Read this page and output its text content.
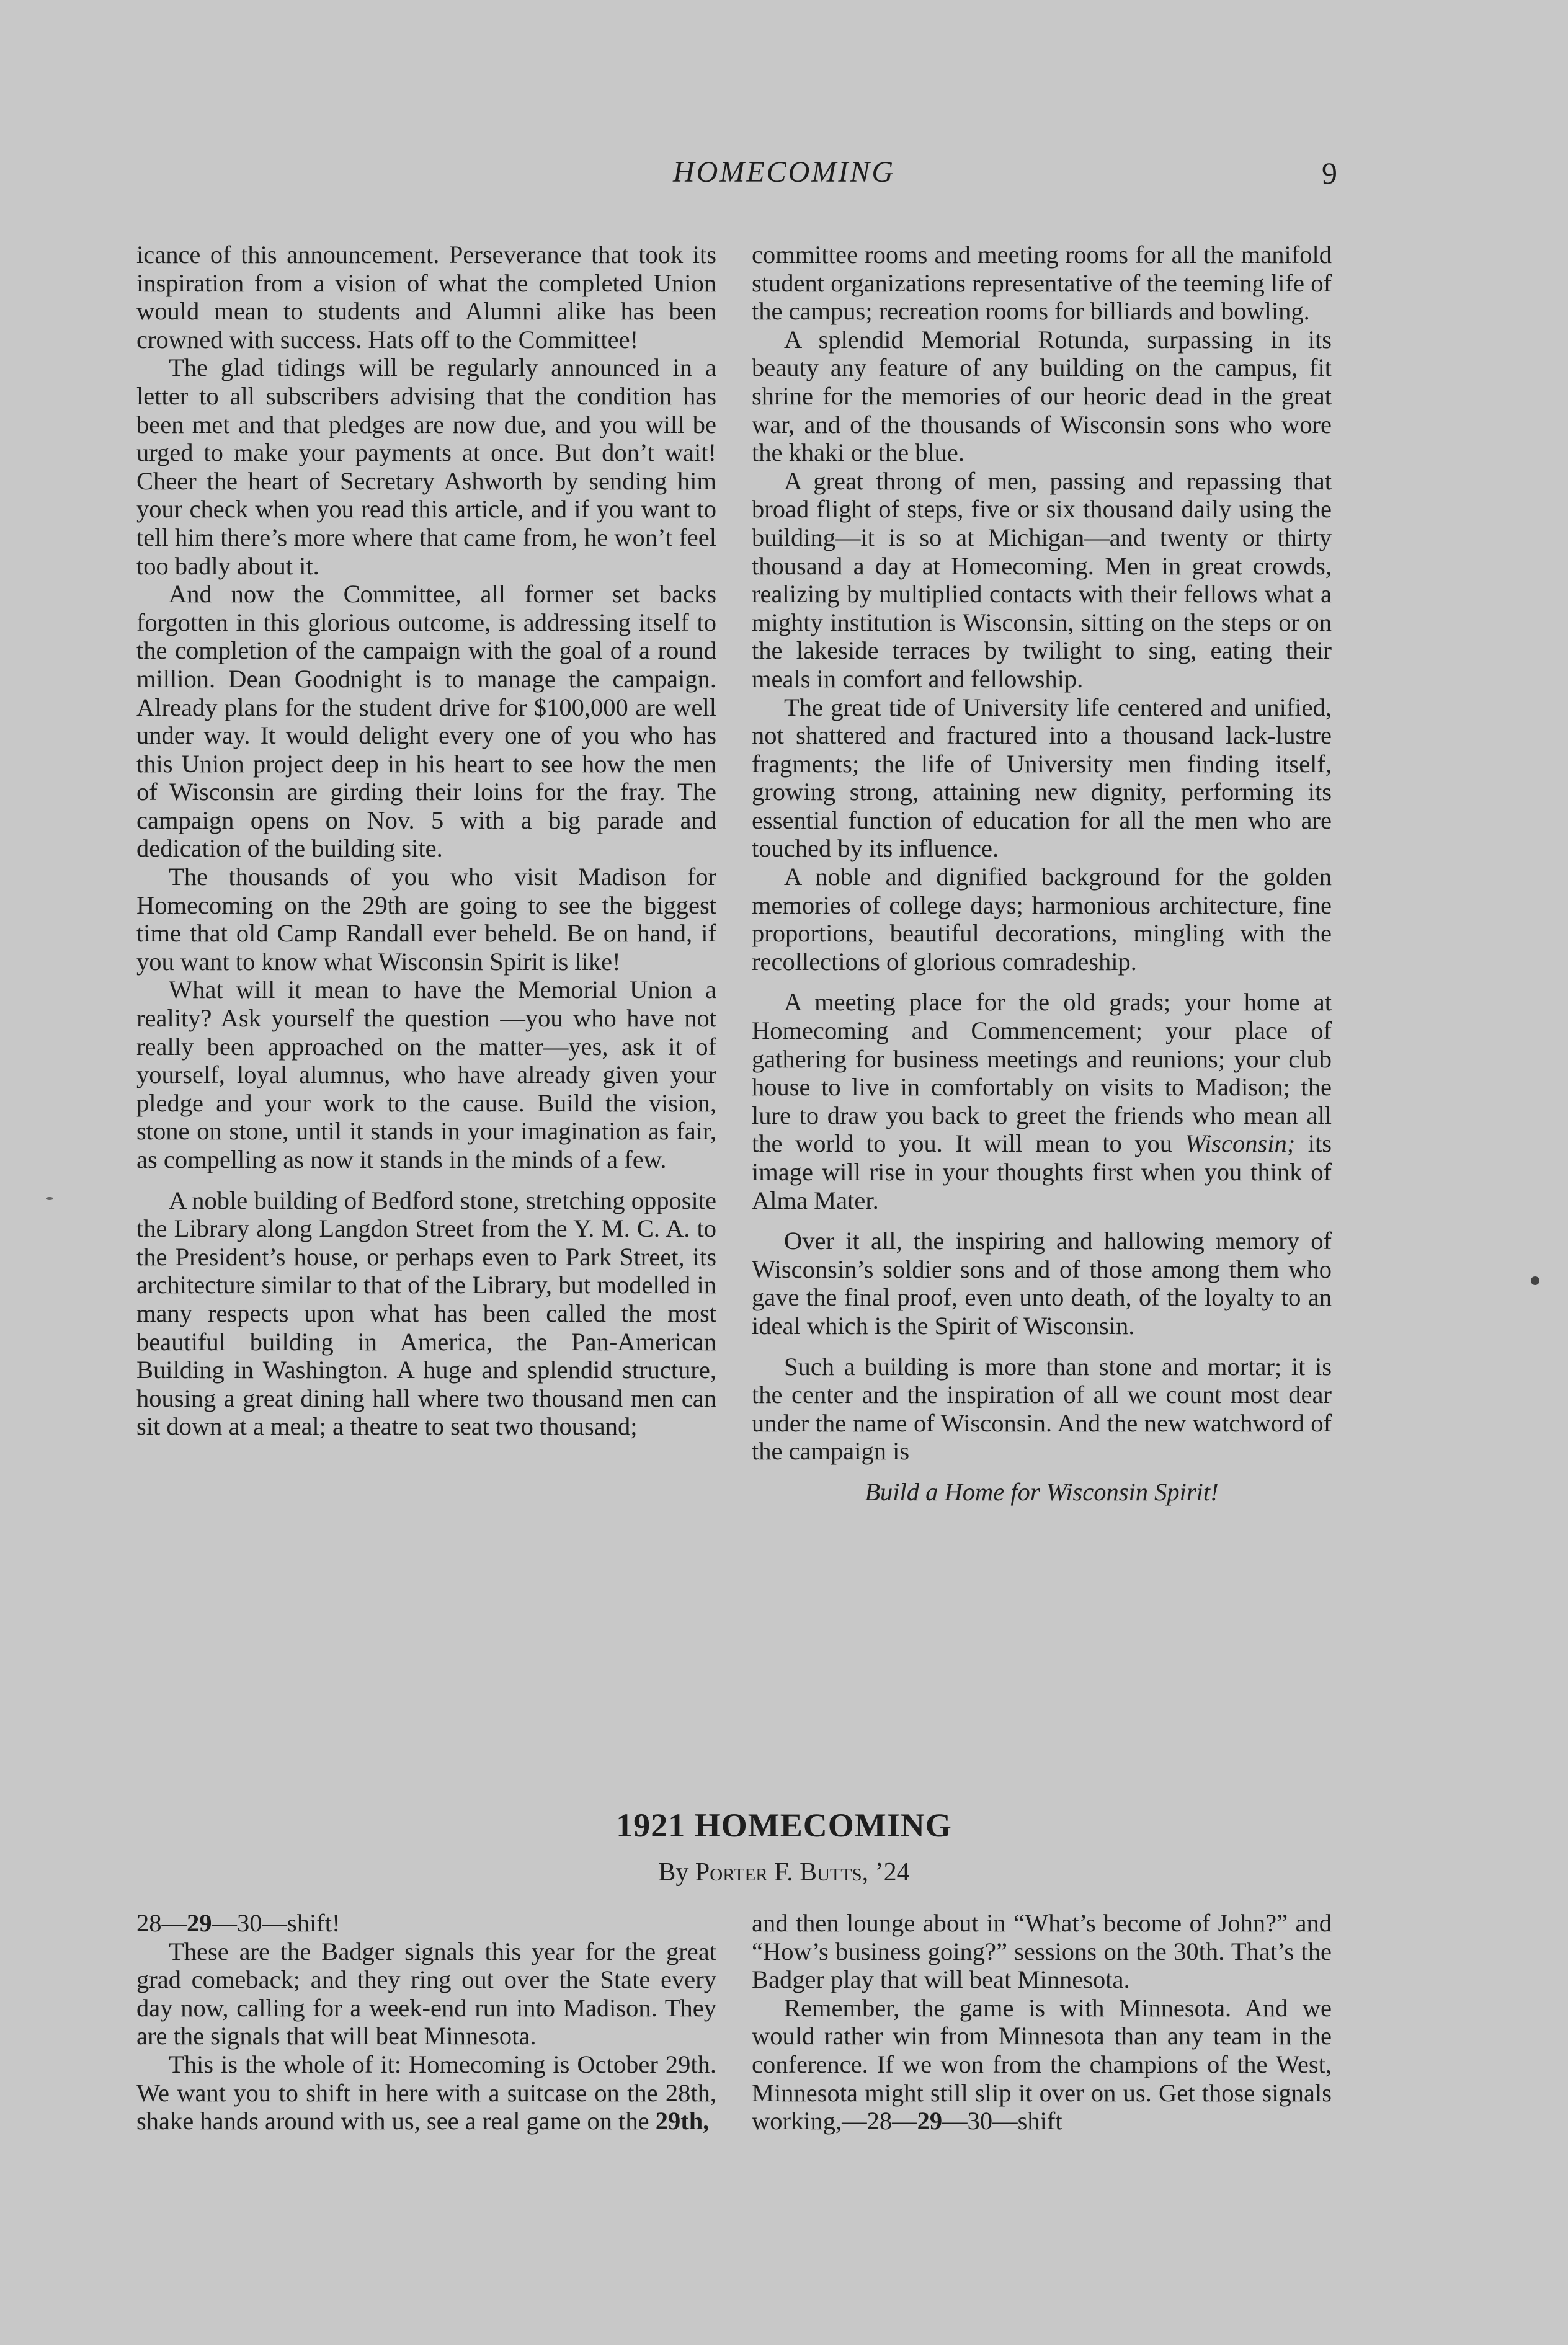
HOMECOMING	9

icance of this announcement. Perseverance that took its inspiration from a vision of what the completed Union would mean to students and Alumni alike has been crowned with success. Hats off to the Committee!

The glad tidings will be regularly announced in a letter to all subscribers advising that the condition has been met and that pledges are now due, and you will be urged to make your payments at once. But don’t wait! Cheer the heart of Secretary Ashworth by sending him your check when you read this article, and if you want to tell him there’s more where that came from, he won’t feel too badly about it.

And now the Committee, all former set backs forgotten in this glorious outcome, is addressing itself to the completion of the campaign with the goal of a round million. Dean Goodnight is to manage the campaign. Already plans for the student drive for $100,000 are well under way. It would delight every one of you who has this Union project deep in his heart to see how the men of Wisconsin are girding their loins for the fray. The campaign opens on Nov. 5 with a big parade and dedication of the building site.

The thousands of you who visit Madison for Homecoming on the 29th are going to see the biggest time that old Camp Randall ever beheld. Be on hand, if you want to know what Wisconsin Spirit is like!

What will it mean to have the Memorial Union a reality? Ask yourself the question —you who have not really been approached on the matter—yes, ask it of yourself, loyal alumnus, who have already given your pledge and your work to the cause. Build the vision, stone on stone, until it stands in your imagination as fair, as compelling as now it stands in the minds of a few.

A noble building of Bedford stone, stretching opposite the Library along Langdon Street from the Y. M. C. A. to the President’s house, or perhaps even to Park Street, its architecture similar to that of the Library, but modelled in many respects upon what has been called the most beautiful building in America, the Pan-American Building in Washington. A huge and splendid structure, housing a great dining hall where two thousand men can sit down at a meal; a theatre to seat two thousand;

committee rooms and meeting rooms for all the manifold student organizations representative of the teeming life of the campus; recreation rooms for billiards and bowling.

A splendid Memorial Rotunda, surpassing in its beauty any feature of any building on the campus, fit shrine for the memories of our heoric dead in the great war, and of the thousands of Wisconsin sons who wore the khaki or the blue.

A great throng of men, passing and repassing that broad flight of steps, five or six thousand daily using the building—it is so at Michigan—and twenty or thirty thousand a day at Homecoming. Men in great crowds, realizing by multiplied contacts with their fellows what a mighty institution is Wisconsin, sitting on the steps or on the lakeside terraces by twilight to sing, eating their meals in comfort and fellowship.

The great tide of University life centered and unified, not shattered and fractured into a thousand lack-lustre fragments; the life of University men finding itself, growing strong, attaining new dignity, performing its essential function of education for all the men who are touched by its influence.

A noble and dignified background for the golden memories of college days; harmonious architecture, fine proportions, beautiful decorations, mingling with the recollections of glorious comradeship.

A meeting place for the old grads; your home at Homecoming and Commencement; your place of gathering for business meetings and reunions; your club house to live in comfortably on visits to Madison; the lure to draw you back to greet the friends who mean all the world to you. It will mean to you Wisconsin; its image will rise in your thoughts first when you think of Alma Mater.

Over it all, the inspiring and hallowing memory of Wisconsin’s soldier sons and of those among them who gave the final proof, even unto death, of the loyalty to an ideal which is the Spirit of Wisconsin.

Such a building is more than stone and mortar; it is the center and the inspiration of all we count most dear under the name of Wisconsin. And the new watchword of the campaign is

Build a Home for Wisconsin Spirit!

1921 HOMECOMING
By Porter F. Butts, ’24

28—29—30—shift!

These are the Badger signals this year for the great grad comeback; and they ring out over the State every day now, calling for a week-end run into Madison. They are the signals that will beat Minnesota.

This is the whole of it: Homecoming is October 29th. We want you to shift in here with a suitcase on the 28th, shake hands around with us, see a real game on the 29th,

and then lounge about in “What’s become of John?” and “How’s business going?” sessions on the 30th. That’s the Badger play that will beat Minnesota.

Remember, the game is with Minnesota. And we would rather win from Minnesota than any team in the conference. If we won from the champions of the West, Minnesota might still slip it over on us. Get those signals working,—28—29—30—shift
